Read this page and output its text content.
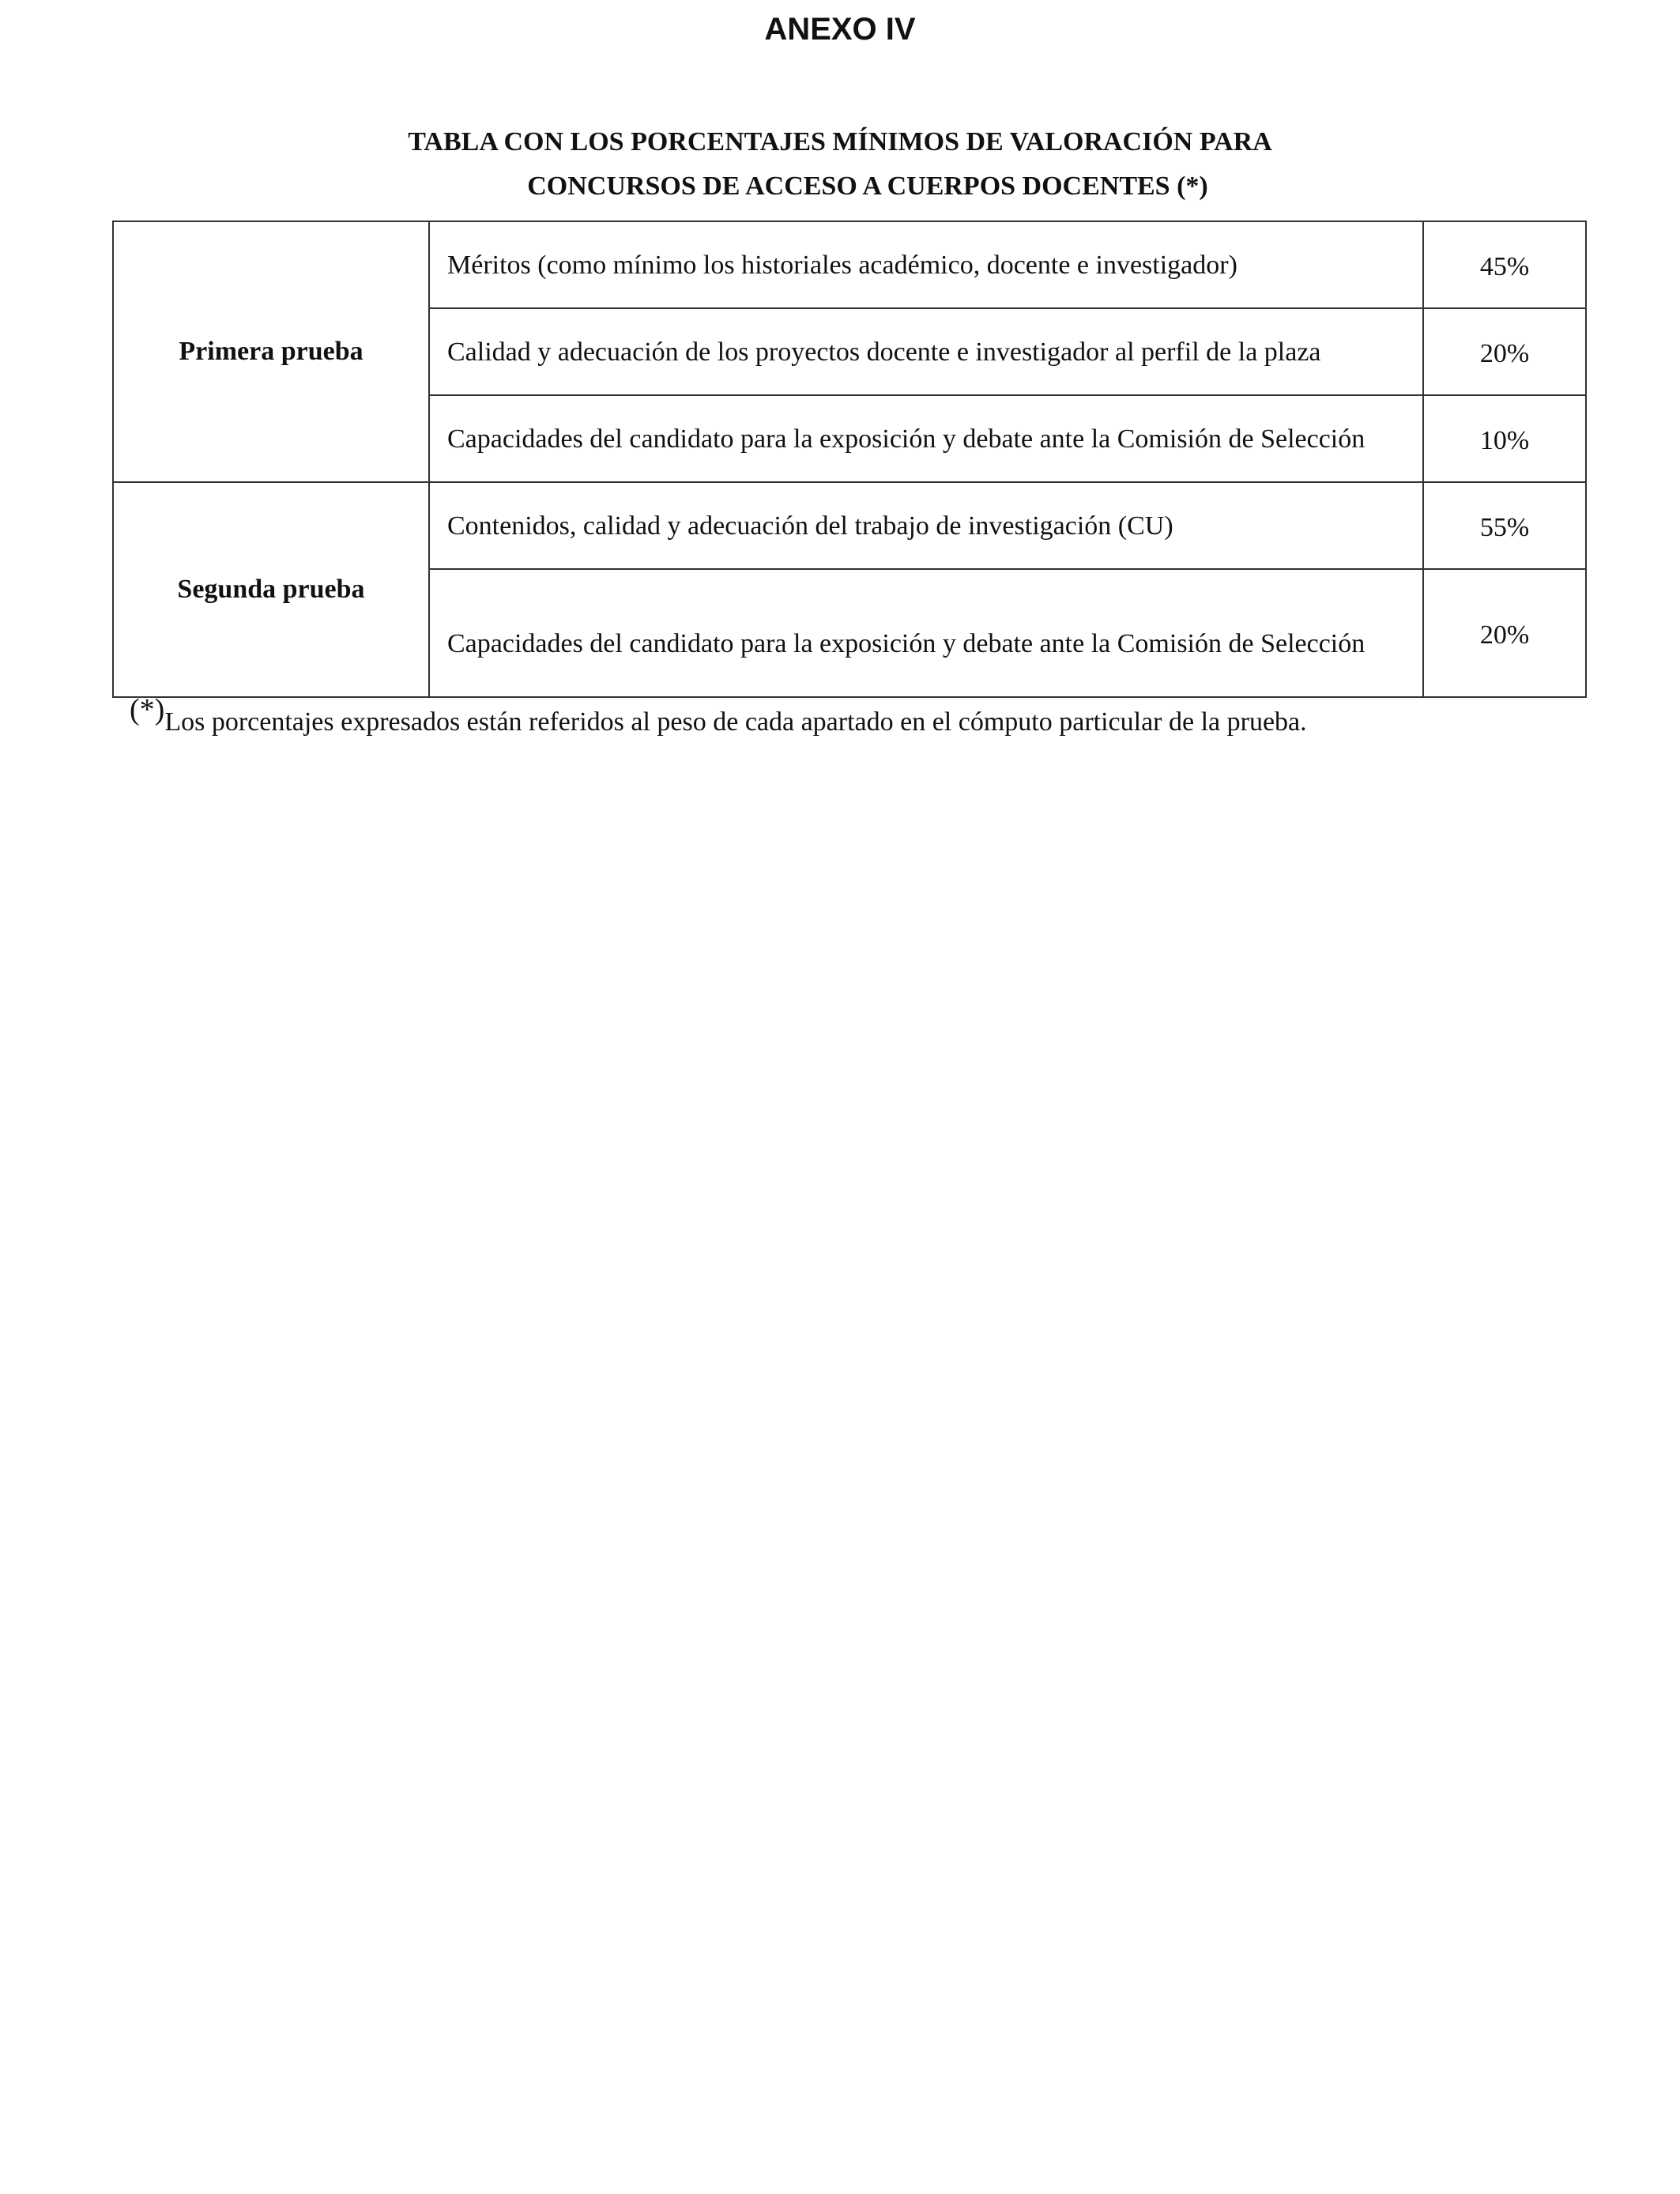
ANEXO IV
TABLA CON LOS PORCENTAJES MÍNIMOS DE VALORACIÓN PARA
CONCURSOS DE ACCESO A CUERPOS DOCENTES (*)
Primera prueba	Méritos (como mínimo los historiales académico, docente e investigador)	45%
	Calidad y adecuación de los proyectos docente e investigador al perfil de la plaza	20%
	Capacidades del candidato para la exposición y debate ante la Comisión de Selección	10%
Segunda prueba	Contenidos, calidad y adecuación del trabajo de investigación (CU)	55%
	Capacidades del candidato para la exposición y debate ante la Comisión de Selección	20%

(*)Los porcentajes expresados están referidos al peso de cada apartado en el cómputo particular de la prueba.
